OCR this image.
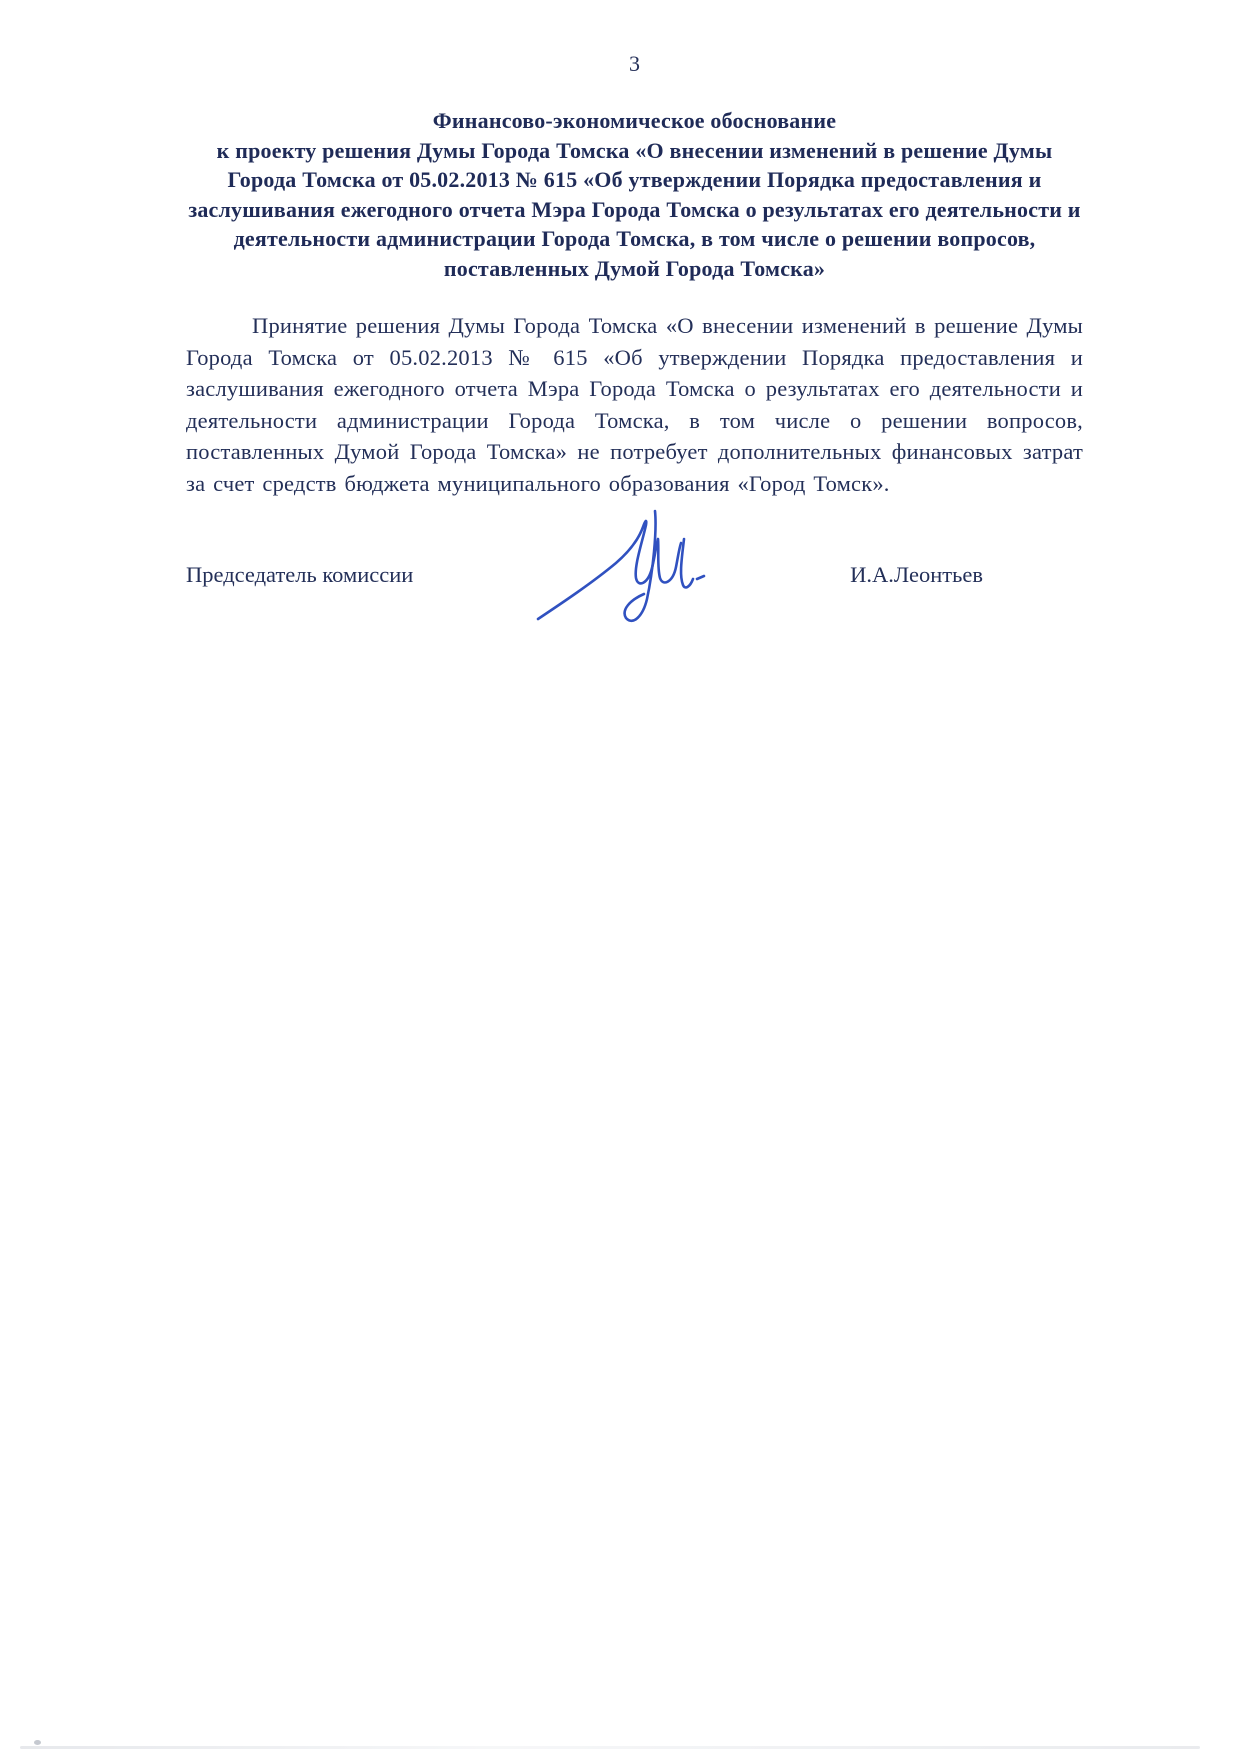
3
Финансово-экономическое обоснование
к проекту решения Думы Города Томска «О внесении изменений в решение Думы Города Томска от 05.02.2013 № 615 «Об утверждении Порядка предоставления и заслушивания ежегодного отчета Мэра Города Томска о результатах его деятельности и деятельности администрации Города Томска, в том числе о решении вопросов, поставленных Думой Города Томска»
Принятие решения Думы Города Томска «О внесении изменений в решение Думы Города Томска от 05.02.2013 № 615 «Об утверждении Порядка предоставления и заслушивания ежегодного отчета Мэра Города Томска о результатах его деятельности и деятельности администрации Города Томска, в том числе о решении вопросов, поставленных Думой Города Томска» не потребует дополнительных финансовых затрат за счет средств бюджета муниципального образования «Город Томск».
Председатель комиссии	И.А.Леонтьев
